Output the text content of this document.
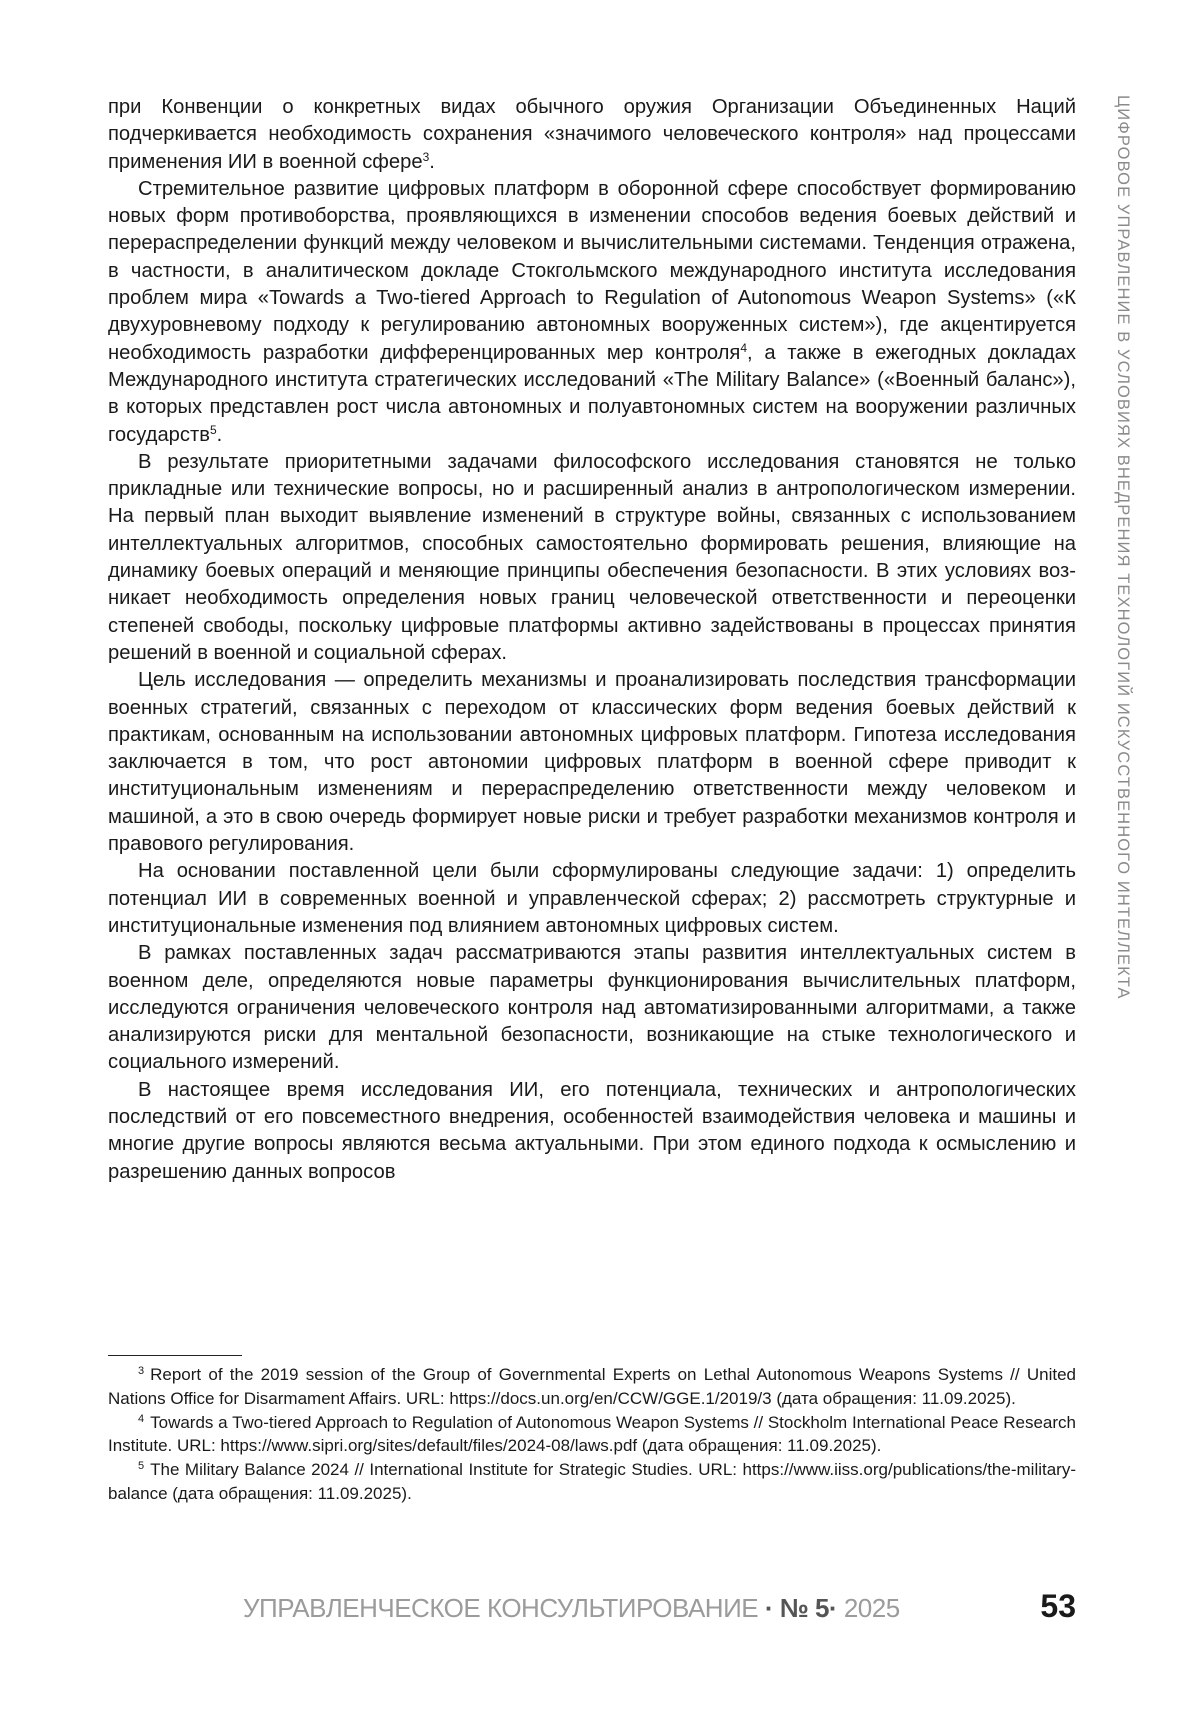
ЦИФРОВОЕ УПРАВЛЕНИЕ В УСЛОВИЯХ ВНЕДРЕНИЯ ТЕХНОЛОГИЙ ИСКУССТВЕННОГО ИНТЕЛЛЕКТА

при Конвенции о конкретных видах обычного оружия Организации Объединенных Наций подчеркивается необходимость сохранения «значимого человеческого контроля» над процессами применения ИИ в военной сфере$^3$.

Стремительное развитие цифровых платформ в оборонной сфере способствует формированию новых форм противоборства, проявляющихся в изменении способов ведения боевых действий и перераспределении функций между человеком и вычислительными системами. Тенденция отражена, в частности, в аналитическом докладе Стокгольмского международного института исследования проблем мира «Towards a Two-tiered Approach to Regulation of Autonomous Weapon Systems» («К двухуровневому подходу к регулированию автономных вооруженных систем»), где акцентируется необходимость разработки дифференцированных мер контроля$^4$, а также в ежегодных докладах Международного института стратегических исследований «The Military Balance» («Военный баланс»), в которых представлен рост числа автономных и полуавтономных систем на вооружении различных государств$^5$.

В результате приоритетными задачами философского исследования становятся не только прикладные или технические вопросы, но и расширенный анализ в антропологическом измерении. На первый план выходит выявление изменений в структуре войны, связанных с использованием интеллектуальных алгоритмов, способных самостоятельно формировать решения, влияющие на динамику боевых операций и меняющие принципы обеспечения безопасности. В этих условиях возникает необходимость определения новых границ человеческой ответственности и переоценки степеней свободы, поскольку цифровые платформы активно задействованы в процессах принятия решений в военной и социальной сферах.

Цель исследования — определить механизмы и проанализировать последствия трансформации военных стратегий, связанных с переходом от классических форм ведения боевых действий к практикам, основанным на использовании автономных цифровых платформ. Гипотеза исследования заключается в том, что рост автономии цифровых платформ в военной сфере приводит к институциональным изменениям и перераспределению ответственности между человеком и машиной, а это в свою очередь формирует новые риски и требует разработки механизмов контроля и правового регулирования.

На основании поставленной цели были сформулированы следующие задачи: 1) определить потенциал ИИ в современных военной и управленческой сферах; 2) рассмотреть структурные и институциональные изменения под влиянием автономных цифровых систем.

В рамках поставленных задач рассматриваются этапы развития интеллектуальных систем в военном деле, определяются новые параметры функционирования вычислительных платформ, исследуются ограничения человеческого контроля над автоматизированными алгоритмами, а также анализируются риски для ментальной безопасности, возникающие на стыке технологического и социального измерений.

В настоящее время исследования ИИ, его потенциала, технических и антропологических последствий от его повсеместного внедрения, особенностей взаимодействия человека и машины и многие другие вопросы являются весьма актуальными. При этом единого подхода к осмыслению и разрешению данных вопросов

$^3$ Report of the 2019 session of the Group of Governmental Experts on Lethal Autonomous Weapons Systems // United Nations Office for Disarmament Affairs. URL: https://docs.un.org/en/CCW/GGE.1/2019/3 (дата обращения: 11.09.2025).

$^4$ Towards a Two-tiered Approach to Regulation of Autonomous Weapon Systems // Stockholm International Peace Research Institute. URL: https://www.sipri.org/sites/default/files/2024-08/laws.pdf (дата обращения: 11.09.2025).

$^5$ The Military Balance 2024 // International Institute for Strategic Studies. URL: https://www.iiss.org/publications/the-military-balance (дата обращения: 11.09.2025).

УПРАВЛЕНЧЕСКОЕ КОНСУЛЬТИРОВАНИЕ · № 5· 2025	53
